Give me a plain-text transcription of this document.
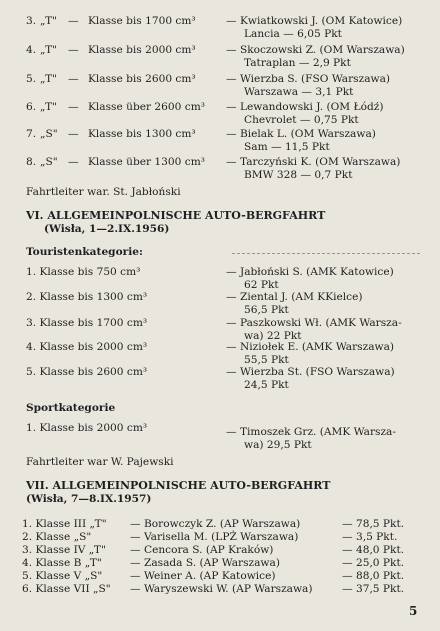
3. „T" — Klasse bis 1700 cm³	— Kwiatkowski J. (OM Katowice)
Lancia — 6,05 Pkt
4. „T" — Klasse bis 2000 cm³	— Skoczowski Z. (OM Warszawa)
Tatraplan — 2,9 Pkt
5. „T" — Klasse bis 2600 cm³	— Wierzba S. (FSO Warszawa)
Warszawa — 3,1 Pkt
6. „T" — Klasse über 2600 cm³ — Lewandowski J. (OM Łódź)
Chevrolet — 0,75 Pkt
7. „S" — Klasse bis 1300 cm³	— Bielak L. (OM Warszawa)
Sam — 11,5 Pkt
8. „S" — Klasse über 1300 cm³ — Tarczyński K. (OM Warszawa)
BMW 328 — 0,7 Pkt
Fahrtleiter war. St. Jabłoński
VI. ALLGEMEINPOLNISCHE AUTO-BERGFAHRT
(Wisła, 1—2.IX.1956)
Touristenkategorie:
1. Klasse bis 750 cm³	— Jabłoński S. (AMK Katowice)
62 Pkt
2. Klasse bis 1300 cm³	— Ziental J. (AM KKielce)
56,5 Pkt
3. Klasse bis 1700 cm³	— Paszkowski Wł. (AMK Warsza-
wa) 22 Pkt
4. Klasse bis 2000 cm³	— Niziołek E. (AMK Warszawa)
55,5 Pkt
5. Klasse bis 2600 cm³	— Wierzba St. (FSO Warszawa)
24,5 Pkt
Sportkategorie
1. Klasse bis 2000 cm³	— Timoszek Grz. (AMK Warsza-
wa) 29,5 Pkt
Fahrtleiter war W. Pajewski
VII. ALLGEMEINPOLNISCHE AUTO-BERGFAHRT
(Wisła, 7—8.IX.1957)
1. Klasse III „T" — Borowczyk Z. (AP Warszawa)	— 78,5 Pkt.
2. Klasse „S"	— Varisella M. (LPŻ Warszawa)	— 3,5 Pkt.
3. Klasse IV „T" — Cencora S. (AP Kraków)	— 48,0 Pkt.
4. Klasse B „T"	— Zasada S. (AP Warszawa)	— 25,0 Pkt.
5. Klasse V „S"	— Weiner A. (AP Katowice)	— 88,0 Pkt.
6. Klasse VII „S" — Waryszewski W. (AP Warszawa)	— 37,5 Pkt.
5
